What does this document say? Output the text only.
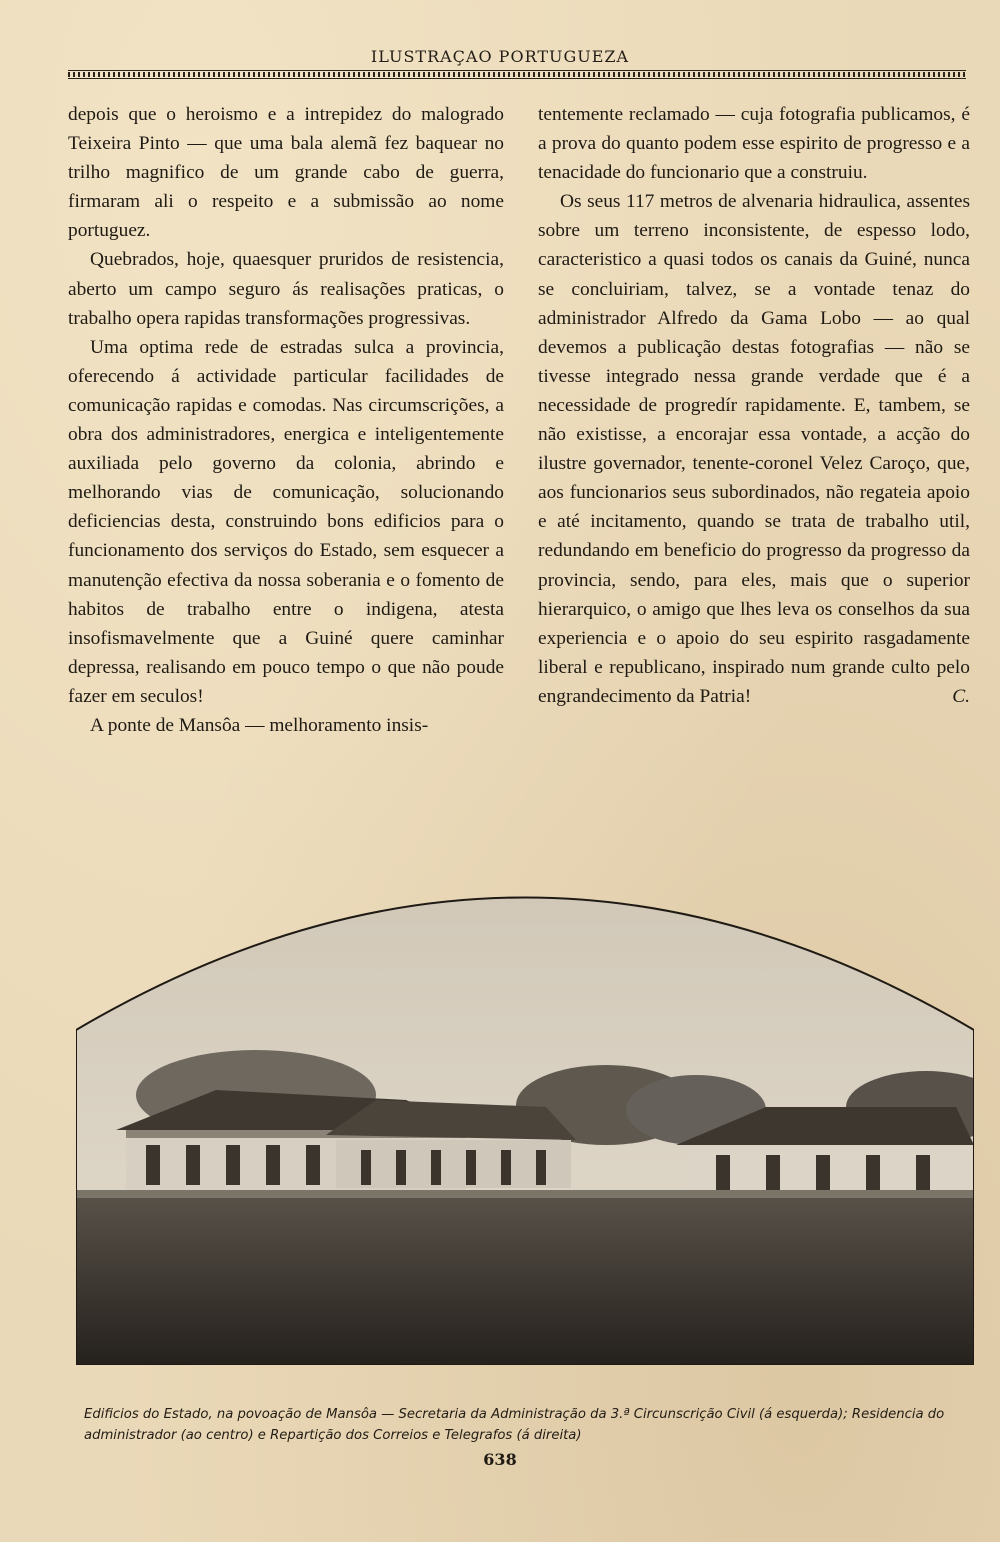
ILUSTRAÇAO PORTUGUEZA

depois que o heroismo e a intrepidez do malogrado Teixeira Pinto — que uma bala alemã fez baquear no trilho magnifico de um grande cabo de guerra, firmaram ali o respeito e a submissão ao nome portuguez.

Quebrados, hoje, quaesquer pruridos de resistencia, aberto um campo seguro ás realisações praticas, o trabalho opera rapidas transformações progressivas.

Uma optima rede de estradas sulca a provincia, oferecendo á actividade particular facilidades de comunicação rapidas e comodas. Nas circumscrições, a obra dos administradores, energica e inteligentemente auxiliada pelo governo da colonia, abrindo e melhorando vias de comunicação, solucionando deficiencias desta, construindo bons edificios para o funcionamento dos serviços do Estado, sem esquecer a manutenção efectiva da nossa soberania e o fomento de habitos de trabalho entre o indigena, atesta insofismavelmente que a Guiné quere caminhar depressa, realisando em pouco tempo o que não poude fazer em seculos!

A ponte de Mansôa — melhoramento insis-

tentemente reclamado — cuja fotografia publicamos, é a prova do quanto podem esse espirito de progresso e a tenacidade do funcionario que a construiu.

Os seus 117 metros de alvenaria hidraulica, assentes sobre um terreno inconsistente, de espesso lodo, caracteristico a quasi todos os canais da Guiné, nunca se concluiriam, talvez, se a vontade tenaz do administrador Alfredo da Gama Lobo — ao qual devemos a publicação destas fotografias — não se tivesse integrado nessa grande verdade que é a necessidade de progredír rapidamente. E, tambem, se não existisse, a encorajar essa vontade, a acção do ilustre governador, tenente-coronel Velez Caroço, que, aos funcionarios seus subordinados, não regateia apoio e até incitamento, quando se trata de trabalho util, redundando em beneficio do progresso da progresso da provincia, sendo, para eles, mais que o superior hierarquico, o amigo que lhes leva os conselhos da sua experiencia e o apoio do seu espirito rasgadamente liberal e republicano, inspirado num grande culto pelo engrandecimento da Patria!	C.

Edificios do Estado, na povoação de Mansôa — Secretaria da Administração da 3.ª Circunscrição Civil (á esquerda); Residencia do administrador (ao centro) e Repartição dos Correios e Telegrafos (á direita)
638
